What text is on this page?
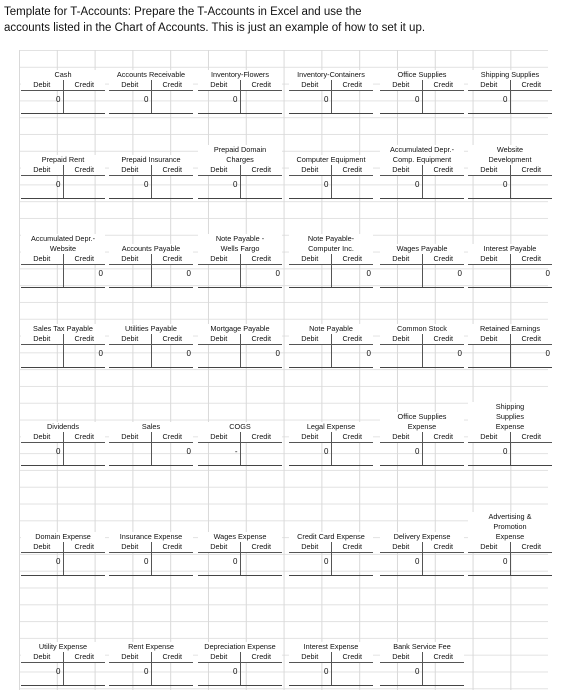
Template for T-Accounts: Prepare the T-Accounts in Excel and use the
accounts listed in the Chart of Accounts. This is just an example of how to set it up.
Cash
Debit	Credit
0
Accounts Receivable
Debit	Credit
0
Inventory-Flowers
Debit	Credit
0
Inventory-Containers
Debit	Credit
0
Office Supplies
Debit	Credit
0
Shipping Supplies
Debit	Credit
0
Prepaid Rent
Debit	Credit
0
Prepaid Insurance
Debit	Credit
0
Prepaid Domain
Charges
Debit	Credit
0
Computer Equipment
Debit	Credit
0
Accumulated Depr.-
Comp. Equipment
Debit	Credit
0
Website
Development
Debit	Credit
0
Accumulated Depr.-
Website
Debit	Credit
0
Accounts Payable
Debit	Credit
0
Note Payable -
Wells Fargo
Debit	Credit
0
Note Payable-
Computer Inc.
Debit	Credit
0
Wages Payable
Debit	Credit
0
Interest Payable
Debit	Credit
0
Sales Tax Payable
Debit	Credit
0
Utilities Payable
Debit	Credit
0
Mortgage Payable
Debit	Credit
0
Note Payable
Debit	Credit
0
Common Stock
Debit	Credit
0
Retained Earnings
Debit	Credit
0
Dividends
Debit	Credit
0
Sales
Debit	Credit
0
COGS
Debit	Credit
-
Legal Expense
Debit	Credit
0
Office Supplies
Expense
Debit	Credit
0
Shipping
Supplies
Expense
Debit	Credit
0
Domain Expense
Debit	Credit
0
Insurance Expense
Debit	Credit
0
Wages Expense
Debit	Credit
0
Credit Card Expense
Debit	Credit
0
Delivery Expense
Debit	Credit
0
Advertising &
Promotion
Expense
Debit	Credit
0
Utility Expense
Debit	Credit
0
Rent Expense
Debit	Credit
0
Depreciation Expense
Debit	Credit
0
Interest Expense
Debit	Credit
0
Bank Service Fee
Debit	Credit
0
